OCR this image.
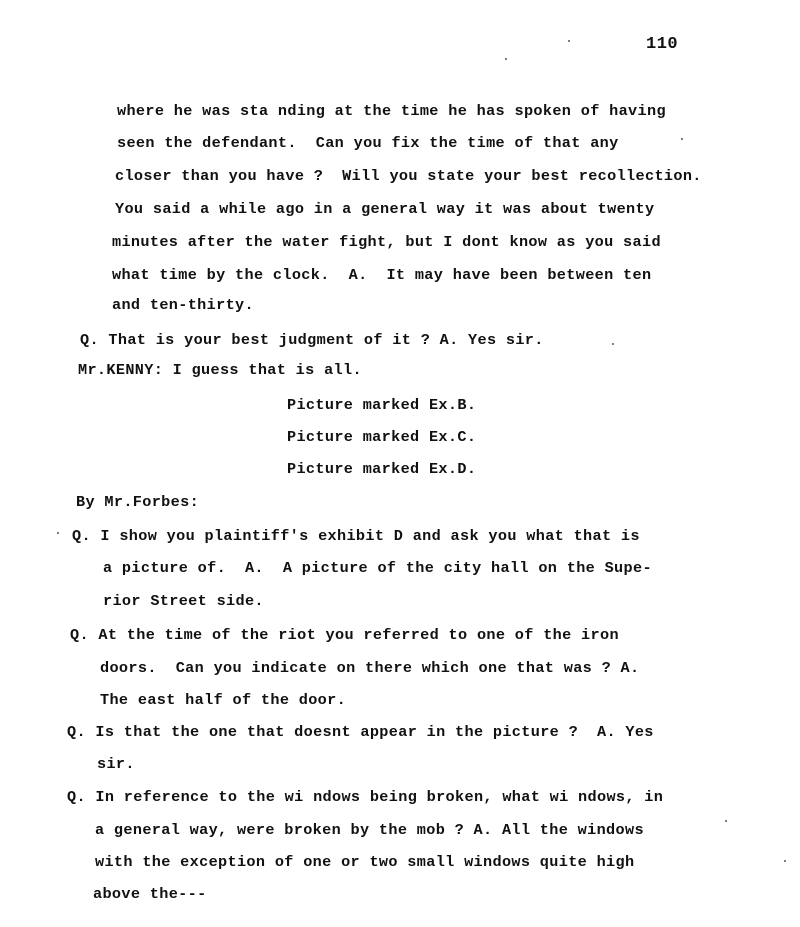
110
where he was sta nding at the time he has spoken of having
seen the defendant.  Can you fix the time of that any
closer than you have ?  Will you state your best recollection.
You said a while ago in a general way it was about twenty
minutes after the water fight, but I dont know as you said
what time by the clock.  A.  It may have been between ten
and ten-thirty.
Q. That is your best judgment of it ? A. Yes sir.
Mr.KENNY: I guess that is all.
Picture marked Ex.B.
Picture marked Ex.C.
Picture marked Ex.D.
By Mr.Forbes:
Q. I show you plaintiff's exhibit D and ask you what that is
a picture of.  A.  A picture of the city hall on the Supe-
rior Street side.
Q. At the time of the riot you referred to one of the iron
doors.  Can you indicate on there which one that was ? A.
The east half of the door.
Q. Is that the one that doesnt appear in the picture ?  A. Yes
sir.
Q. In reference to the wi ndows being broken, what wi ndows, in
a general way, were broken by the mob ? A. All the windows
with the exception of one or two small windows quite high
above the---
